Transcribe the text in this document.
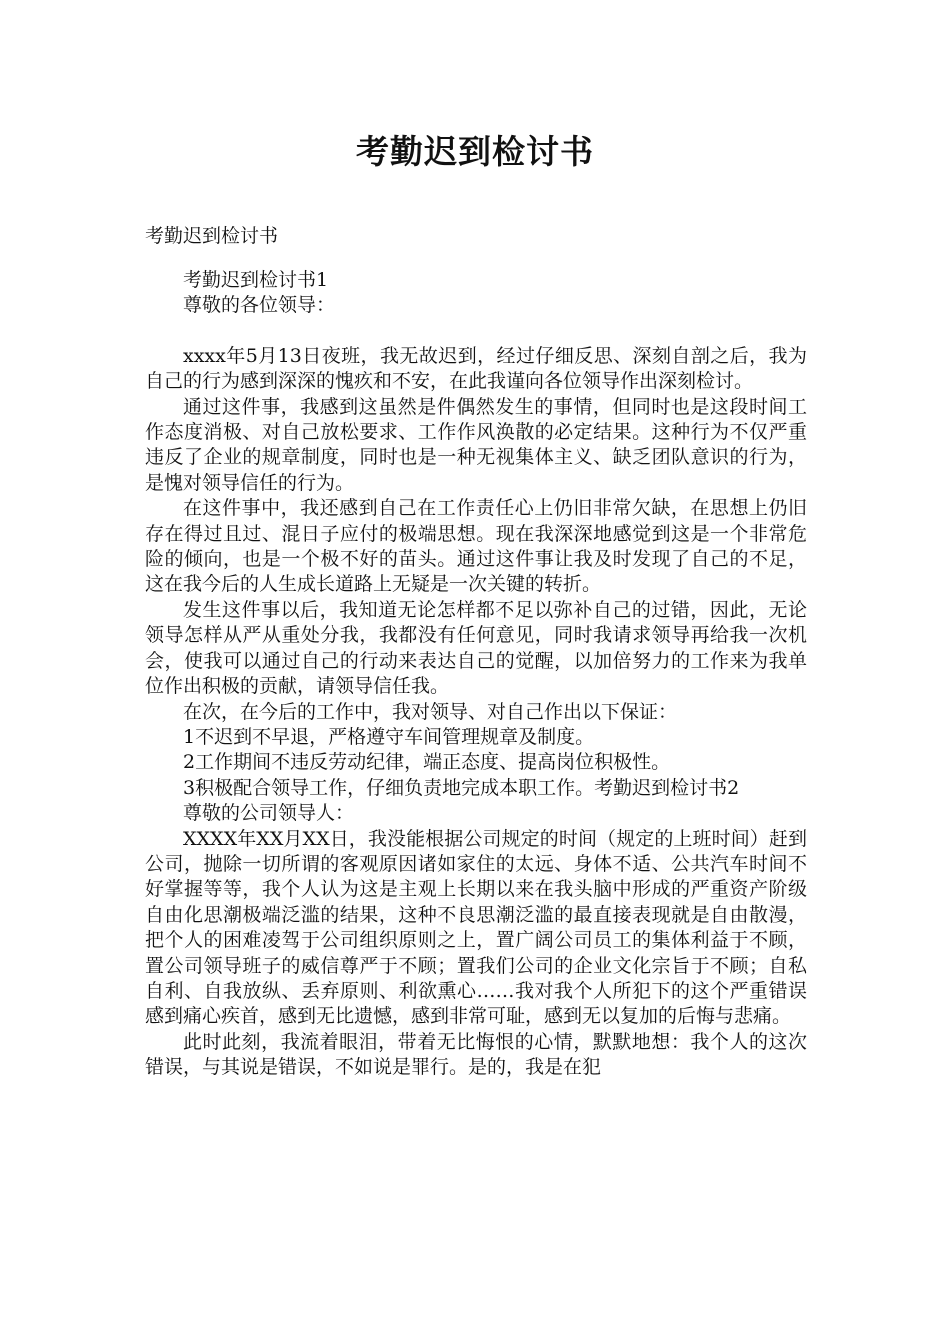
考勤迟到检讨书
考勤迟到检讨书

考勤迟到检讨书1

尊敬的各位领导：

xxxx年5月13日夜班，我无故迟到，经过仔细反思、深刻自剖之后，我为自己的行为感到深深的愧疚和不安，在此我谨向各位领导作出深刻检讨。

通过这件事，我感到这虽然是件偶然发生的事情，但同时也是这段时间工作态度消极、对自己放松要求、工作作风涣散的必定结果。这种行为不仅严重违反了企业的规章制度，同时也是一种无视集体主义、缺乏团队意识的行为，是愧对领导信任的行为。

在这件事中，我还感到自己在工作责任心上仍旧非常欠缺，在思想上仍旧存在得过且过、混日子应付的极端思想。现在我深深地感觉到这是一个非常危险的倾向，也是一个极不好的苗头。通过这件事让我及时发现了自己的不足，这在我今后的人生成长道路上无疑是一次关键的转折。

发生这件事以后，我知道无论怎样都不足以弥补自己的过错，因此，无论领导怎样从严从重处分我，我都没有任何意见，同时我请求领导再给我一次机会，使我可以通过自己的行动来表达自己的觉醒，以加倍努力的工作来为我单位作出积极的贡献，请领导信任我。

在次，在今后的工作中，我对领导、对自己作出以下保证：

1不迟到不早退，严格遵守车间管理规章及制度。

2工作期间不违反劳动纪律，端正态度、提高岗位积极性。

3积极配合领导工作，仔细负责地完成本职工作。考勤迟到检讨书2

尊敬的公司领导人：

XXXX年XX月XX日，我没能根据公司规定的时间（规定的上班时间）赶到公司，抛除一切所谓的客观原因诸如家住的太远、身体不适、公共汽车时间不好掌握等等，我个人认为这是主观上长期以来在我头脑中形成的严重资产阶级自由化思潮极端泛滥的结果，这种不良思潮泛滥的最直接表现就是自由散漫，把个人的困难凌驾于公司组织原则之上，置广阔公司员工的集体利益于不顾，置公司领导班子的威信尊严于不顾；置我们公司的企业文化宗旨于不顾；自私自利、自我放纵、丢弃原则、利欲熏心……我对我个人所犯下的这个严重错误感到痛心疾首，感到无比遗憾，感到非常可耻，感到无以复加的后悔与悲痛。

此时此刻，我流着眼泪，带着无比悔恨的心情，默默地想：我个人的这次错误，与其说是错误，不如说是罪行。是的，我是在犯
